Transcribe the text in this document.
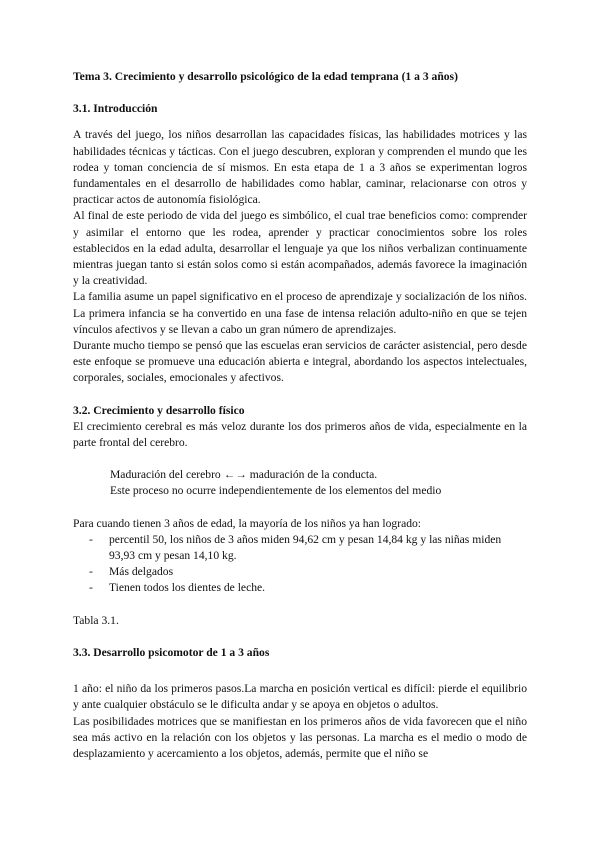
Tema 3. Crecimiento y desarrollo psicológico de la edad temprana (1 a 3 años)
3.1. Introducción

A través del juego, los niños desarrollan las capacidades físicas, las habilidades motrices y las habilidades técnicas y tácticas. Con el juego descubren, exploran y comprenden el mundo que les rodea y toman conciencia de sí mismos. En esta etapa de 1 a 3 años se experimentan logros fundamentales en el desarrollo de habilidades como hablar, caminar, relacionarse con otros y practicar actos de autonomía fisiológica.

Al final de este periodo de vida del juego es simbólico, el cual trae beneficios como: comprender y asimilar el entorno que les rodea, aprender y practicar conocimientos sobre los roles establecidos en la edad adulta, desarrollar el lenguaje ya que los niños verbalizan continuamente mientras juegan tanto si están solos como si están acompañados, además favorece la imaginación y la creatividad.

La familia asume un papel significativo en el proceso de aprendizaje y socialización de los niños. La primera infancia se ha convertido en una fase de intensa relación adulto-niño en que se tejen vínculos afectivos y se llevan a cabo un gran número de aprendizajes.

Durante mucho tiempo se pensó que las escuelas eran servicios de carácter asistencial, pero desde este enfoque se promueve una educación abierta e integral, abordando los aspectos intelectuales, corporales, sociales, emocionales y afectivos.

3.2. Crecimiento y desarrollo físico

El crecimiento cerebral es más veloz durante los dos primeros años de vida, especialmente en la parte frontal del cerebro.

Maduración del cerebro ←→ maduración de la conducta.
Este proceso no ocurre independientemente de los elementos del medio

Para cuando tienen 3 años de edad, la mayoría de los niños ya han logrado:

- percentil 50, los niños de 3 años miden 94,62 cm y pesan 14,84 kg y las niñas miden 93,93 cm y pesan 14,10 kg.
- Más delgados
- Tienen todos los dientes de leche.
Tabla 3.1.
3.3. Desarrollo psicomotor de 1 a 3 años

1 año: el niño da los primeros pasos.La marcha en posición vertical es difícil: pierde el equilibrio y ante cualquier obstáculo se le dificulta andar y se apoya en objetos o adultos.

Las posibilidades motrices que se manifiestan en los primeros años de vida favorecen que el niño sea más activo en la relación con los objetos y las personas. La marcha es el medio o modo de desplazamiento y acercamiento a los objetos, además, permite que el niño se
